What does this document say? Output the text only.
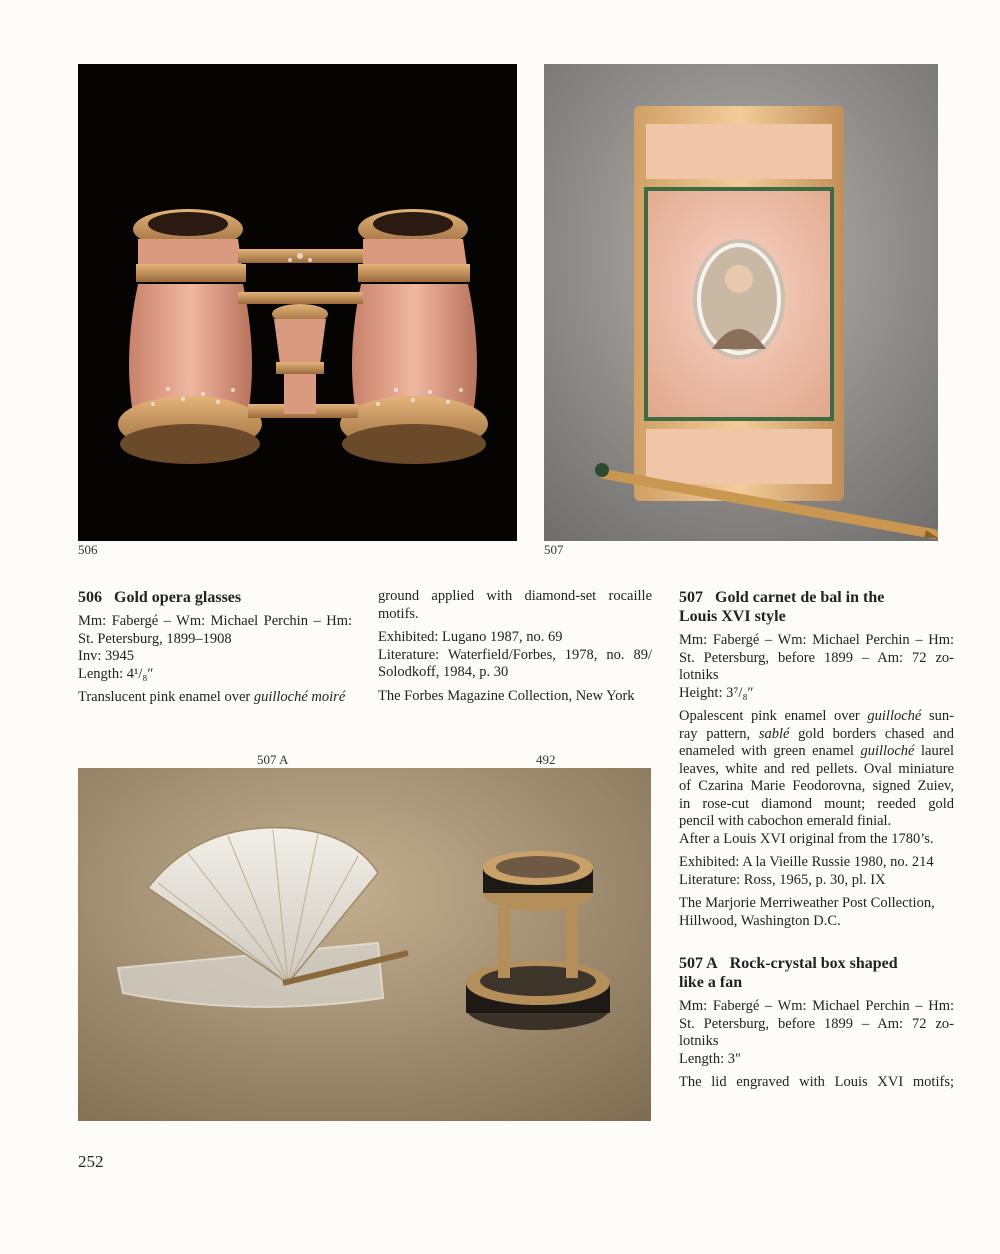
506	507
507 A	492
506 Gold opera glasses

Mm: Fabergé – Wm: Michael Perchin – Hm:
St. Petersburg, 1899–1908
Inv: 3945
Length: 4¹/₈″

Translucent pink enamel over guilloché moiré

ground applied with diamond-set rocaille
motifs.

Exhibited: Lugano 1987, no. 69
Literature: Waterfield/Forbes, 1978, no. 89/
Solodkoff, 1984, p. 30

The Forbes Magazine Collection, New York

507 Gold carnet de bal in the
Louis XVI style

Mm: Fabergé – Wm: Michael Perchin – Hm:
St. Petersburg, before 1899 – Am: 72 zo-
lotniks
Height: 3⁷/₈″

Opalescent pink enamel over guilloché sun-
ray pattern, sablé gold borders chased and
enameled with green enamel guilloché laurel
leaves, white and red pellets. Oval miniature
of Czarina Marie Feodorovna, signed Zuiev,
in rose-cut diamond mount; reeded gold
pencil with cabochon emerald finial.
After a Louis XVI original from the 1780’s.

Exhibited: A la Vieille Russie 1980, no. 214
Literature: Ross, 1965, p. 30, pl. IX

The Marjorie Merriweather Post Collection,
Hillwood, Washington D.C.

507 A Rock-crystal box shaped
like a fan

Mm: Fabergé – Wm: Michael Perchin – Hm:
St. Petersburg, before 1899 – Am: 72 zo-
lotniks
Length: 3″

The lid engraved with Louis XVI motifs;

252
